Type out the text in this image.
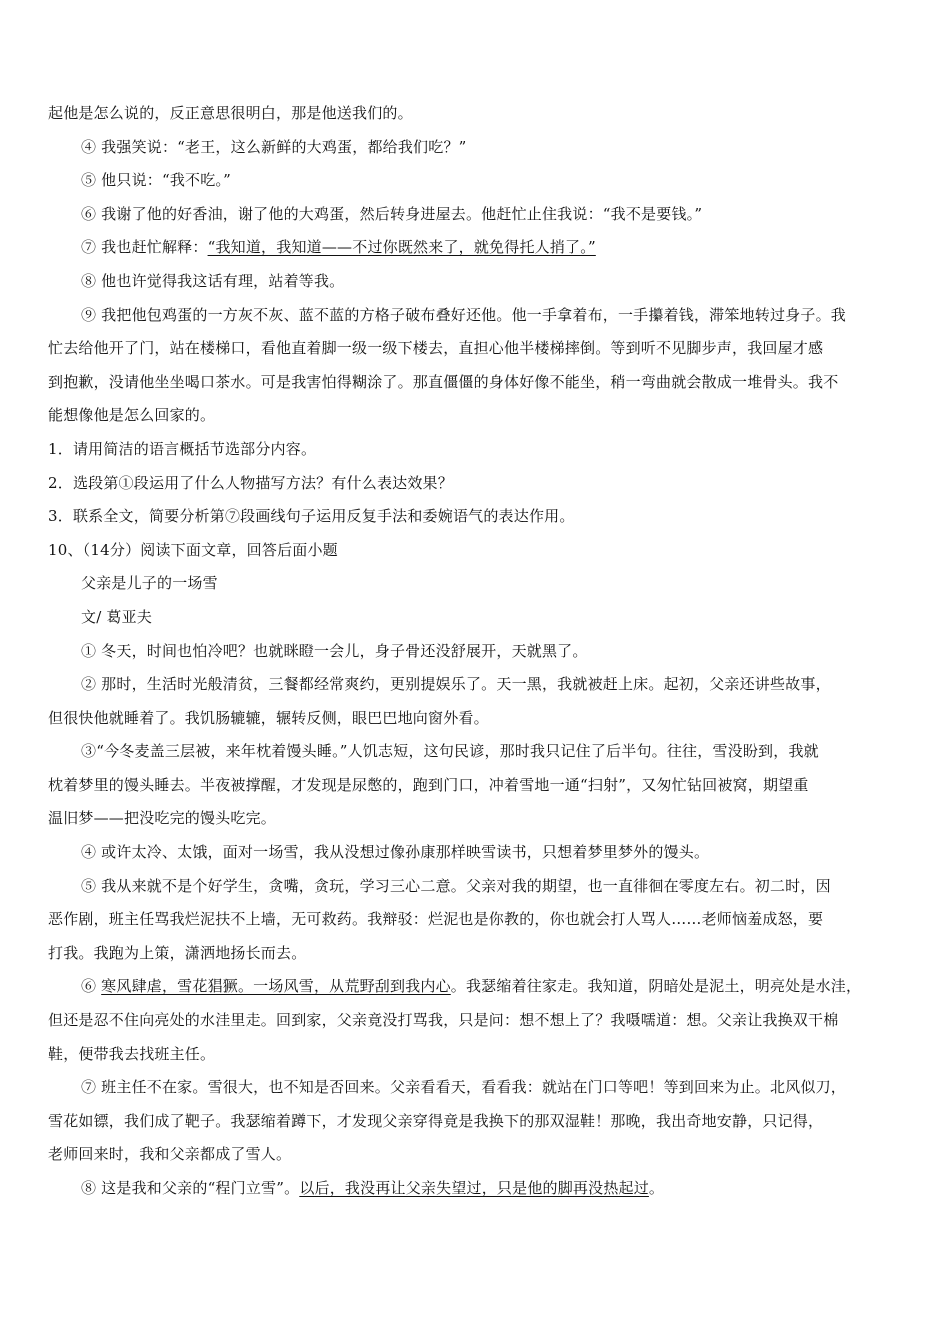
起他是怎么说的，反正意思很明白，那是他送我们的。
④ 我强笑说：“老王，这么新鲜的大鸡蛋，都给我们吃？”
⑤ 他只说：“我不吃。”
⑥ 我谢了他的好香油，谢了他的大鸡蛋，然后转身进屋去。他赶忙止住我说：“我不是要钱。”
⑦ 我也赶忙解释：“我知道，我知道——不过你既然来了，就免得托人捎了。”
⑧ 他也许觉得我这话有理，站着等我。
⑨ 我把他包鸡蛋的一方灰不灰、蓝不蓝的方格子破布叠好还他。他一手拿着布，一手攥着钱，滞笨地转过身子。我
忙去给他开了门，站在楼梯口，看他直着脚一级一级下楼去，直担心他半楼梯摔倒。等到听不见脚步声，我回屋才感
到抱歉，没请他坐坐喝口茶水。可是我害怕得糊涂了。那直僵僵的身体好像不能坐，稍一弯曲就会散成一堆骨头。我不
能想像他是怎么回家的。
1．请用简洁的语言概括节选部分内容。
2．选段第①段运用了什么人物描写方法？有什么表达效果？
3．联系全文，简要分析第⑦段画线句子运用反复手法和委婉语气的表达作用。
10、（14分）阅读下面文章，回答后面小题
父亲是儿子的一场雪
文/ 葛亚夫
① 冬天，时间也怕冷吧？也就眯瞪一会儿，身子骨还没舒展开，天就黑了。
② 那时，生活时光般清贫，三餐都经常爽约，更别提娱乐了。天一黑，我就被赶上床。起初，父亲还讲些故事，
但很快他就睡着了。我饥肠辘辘，辗转反侧，眼巴巴地向窗外看。
③“今冬麦盖三层被，来年枕着馒头睡。”人饥志短，这句民谚，那时我只记住了后半句。往往，雪没盼到，我就
枕着梦里的馒头睡去。半夜被撑醒，才发现是尿憋的，跑到门口，冲着雪地一通“扫射”，又匆忙钻回被窝，期望重
温旧梦——把没吃完的馒头吃完。
④ 或许太冷、太饿，面对一场雪，我从没想过像孙康那样映雪读书，只想着梦里梦外的馒头。
⑤ 我从来就不是个好学生，贪嘴，贪玩，学习三心二意。父亲对我的期望，也一直徘徊在零度左右。初二时，因
恶作剧，班主任骂我烂泥扶不上墙，无可救药。我辩驳：烂泥也是你教的，你也就会打人骂人……老师恼羞成怒，要
打我。我跑为上策，潇洒地扬长而去。
⑥ 寒风肆虐，雪花猖獗。一场风雪，从荒野刮到我内心。我瑟缩着往家走。我知道，阴暗处是泥土，明亮处是水洼，
但还是忍不住向亮处的水洼里走。回到家，父亲竟没打骂我，只是问：想不想上了？我嗫嚅道：想。父亲让我换双干棉
鞋，便带我去找班主任。
⑦ 班主任不在家。雪很大，也不知是否回来。父亲看看天，看看我：就站在门口等吧！等到回来为止。北风似刀，
雪花如镖，我们成了靶子。我瑟缩着蹲下，才发现父亲穿得竟是我换下的那双湿鞋！那晚，我出奇地安静，只记得，
老师回来时，我和父亲都成了雪人。
⑧ 这是我和父亲的“程门立雪”。以后，我没再让父亲失望过，只是他的脚再没热起过。
